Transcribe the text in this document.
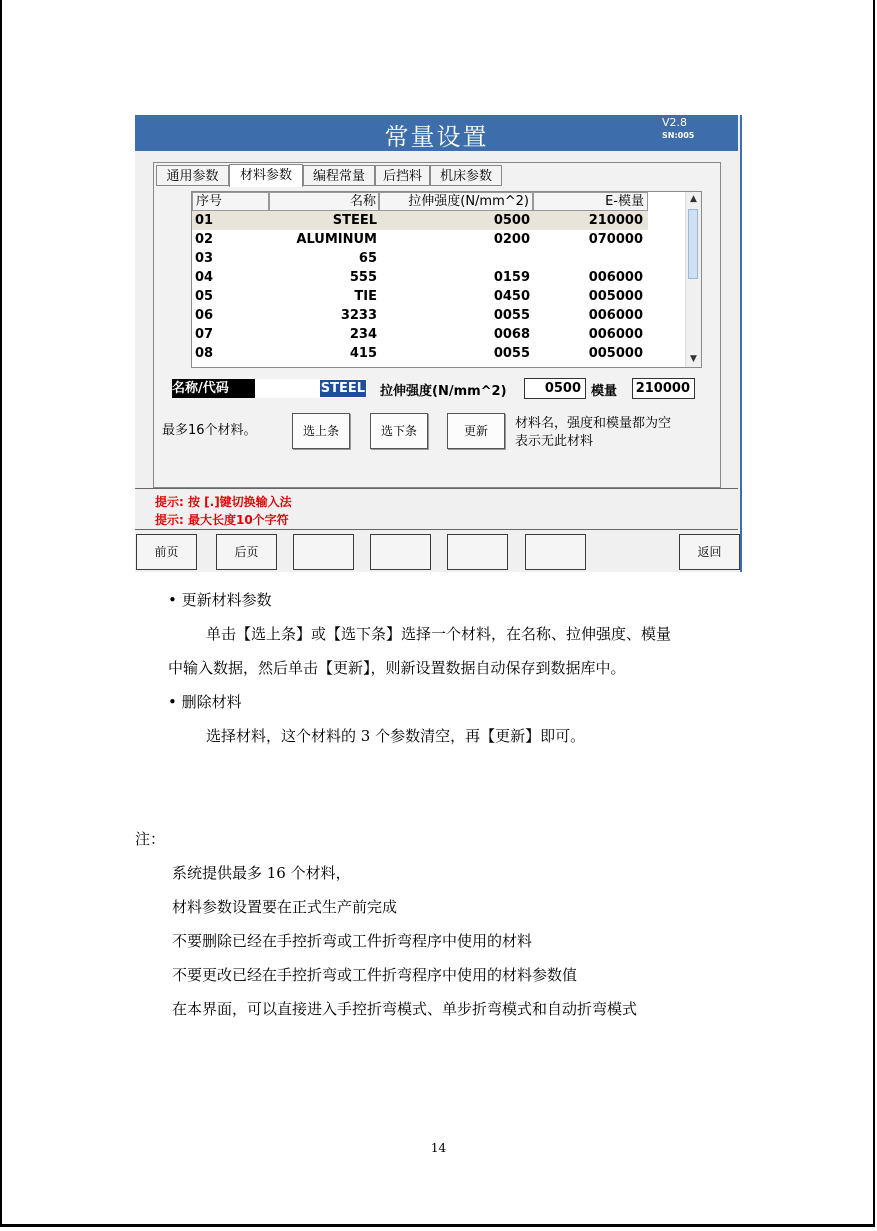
常量设置
V2.8
SN:005
通用参数	材料参数	编程常量	后挡料	机床参数
序号	名称	拉伸强度(N/mm^2)	E-模量
01	STEEL	0500	210000
02	ALUMINUM	0200	070000
03	65
04	555	0159	006000
05	TIE	0450	005000
06	3233	0055	006000
07	234	0068	006000
08	415	0055	005000
▲
▼
名称/代码	STEEL 拉伸强度(N/mm^2)	0500 模量 210000
最多16个材料。	选上条	选下条	更新	材料名，强度和模量都为空
表示无此材料
提示: 按 [.]键切换输入法
提示: 最大长度10个字符
前页	后页	返回
• 更新材料参数
单击【选上条】或【选下条】选择一个材料，在名称、拉伸强度、模量
中输入数据，然后单击【更新】，则新设置数据自动保存到数据库中。
• 删除材料
选择材料，这个材料的 3 个参数清空，再【更新】即可。
注：
系统提供最多 16 个材料，
材料参数设置要在正式生产前完成
不要删除已经在手控折弯或工件折弯程序中使用的材料
不要更改已经在手控折弯或工件折弯程序中使用的材料参数值
在本界面，可以直接进入手控折弯模式、单步折弯模式和自动折弯模式
14
